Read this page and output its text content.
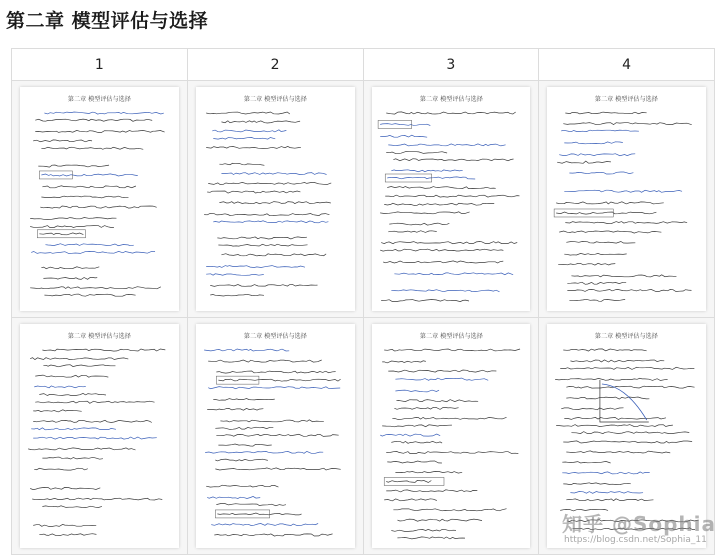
第二章 模型评估与选择
1	2	3	4

第二章 模型评估与选择	第二章 模型评估与选择	第二章 模型评估与选择	第二章 模型评估与选择

第二章 模型评估与选择	第二章 模型评估与选择	第二章 模型评估与选择	第二章 模型评估与选择
知乎 @Sophia
https://blog.csdn.net/Sophia_11
